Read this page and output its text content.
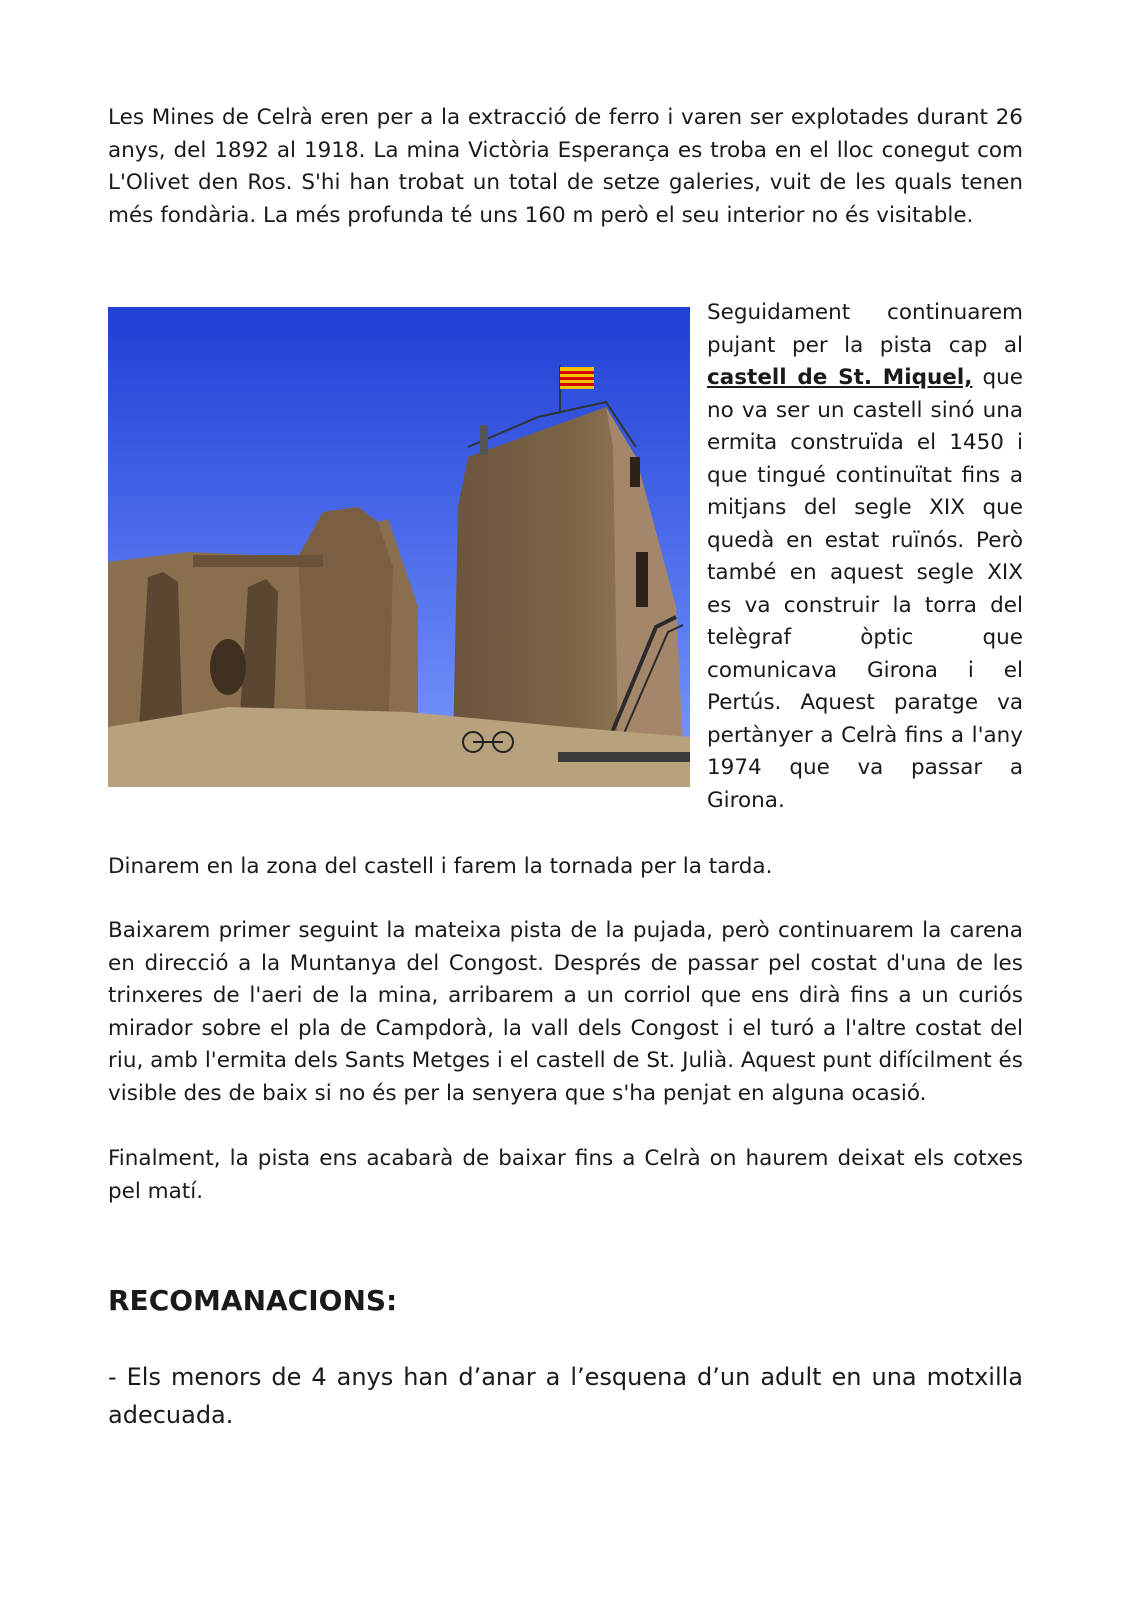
Les Mines de Celrà eren per a la extracció de ferro i varen ser explotades durant 26 anys, del 1892 al 1918. La mina Victòria Esperança es troba en el lloc conegut com L'Olivet den Ros. S'hi han trobat un total de setze galeries, vuit de les quals tenen més fondària. La més profunda té uns 160 m però el seu interior no és visitable.

Seguidament continuarem pujant per la pista cap al castell de St. Miquel, que no va ser un castell sinó una ermita construïda el 1450 i que tingué continuïtat fins a mitjans del segle XIX que quedà en estat ruïnós. Però també en aquest segle XIX es va construir la torra del telègraf òptic que comunicava Girona i el Pertús. Aquest paratge va pertànyer a Celrà fins a l'any 1974 que va passar a Girona.

Dinarem en la zona del castell i farem la tornada per la tarda.

Baixarem primer seguint la mateixa pista de la pujada, però continuarem la carena en direcció a la Muntanya del Congost. Després de passar pel costat d'una de les trinxeres de l'aeri de la mina, arribarem a un corriol que ens dirà fins a un curiós mirador sobre el pla de Campdorà, la vall dels Congost i el turó a l'altre costat del riu, amb l'ermita dels Sants Metges i el castell de St. Julià. Aquest punt difícilment és visible des de baix si no és per la senyera que s'ha penjat en alguna ocasió.

Finalment, la pista ens acabarà de baixar fins a Celrà on haurem deixat els cotxes pel matí.

RECOMANACIONS:

- Els menors de 4 anys han d’anar a l’esquena d’un adult en una motxilla adecuada.
